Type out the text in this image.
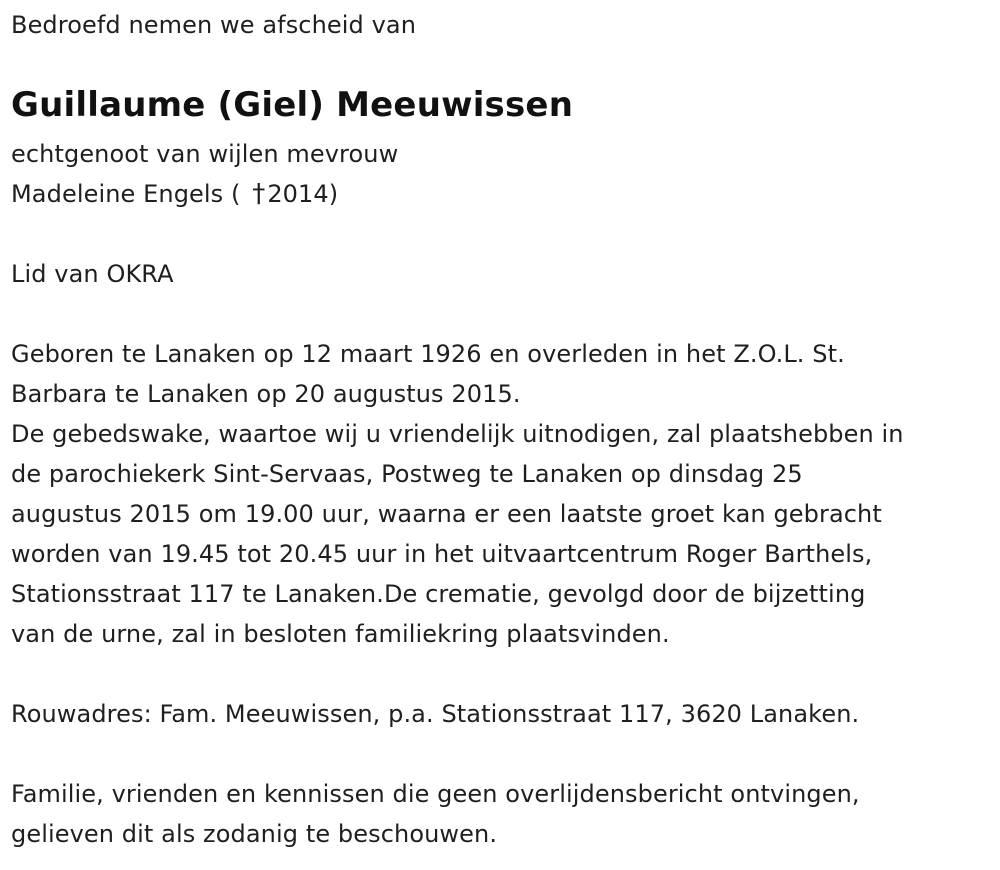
Bedroefd nemen we afscheid van
Guillaume (Giel) Meeuwissen
echtgenoot van wijlen mevrouw
Madeleine Engels ( †2014)
Lid van OKRA
Geboren te Lanaken op 12 maart 1926 en overleden in het Z.O.L. St.
Barbara te Lanaken op 20 augustus 2015.
De gebedswake, waartoe wij u vriendelijk uitnodigen, zal plaatshebben in
de parochiekerk Sint-Servaas, Postweg te Lanaken op dinsdag 25
augustus 2015 om 19.00 uur, waarna er een laatste groet kan gebracht
worden van 19.45 tot 20.45 uur in het uitvaartcentrum Roger Barthels,
Stationsstraat 117 te Lanaken.De crematie, gevolgd door de bijzetting
van de urne, zal in besloten familiekring plaatsvinden.
Rouwadres: Fam. Meeuwissen, p.a. Stationsstraat 117, 3620 Lanaken.
Familie, vrienden en kennissen die geen overlijdensbericht ontvingen,
gelieven dit als zodanig te beschouwen.
